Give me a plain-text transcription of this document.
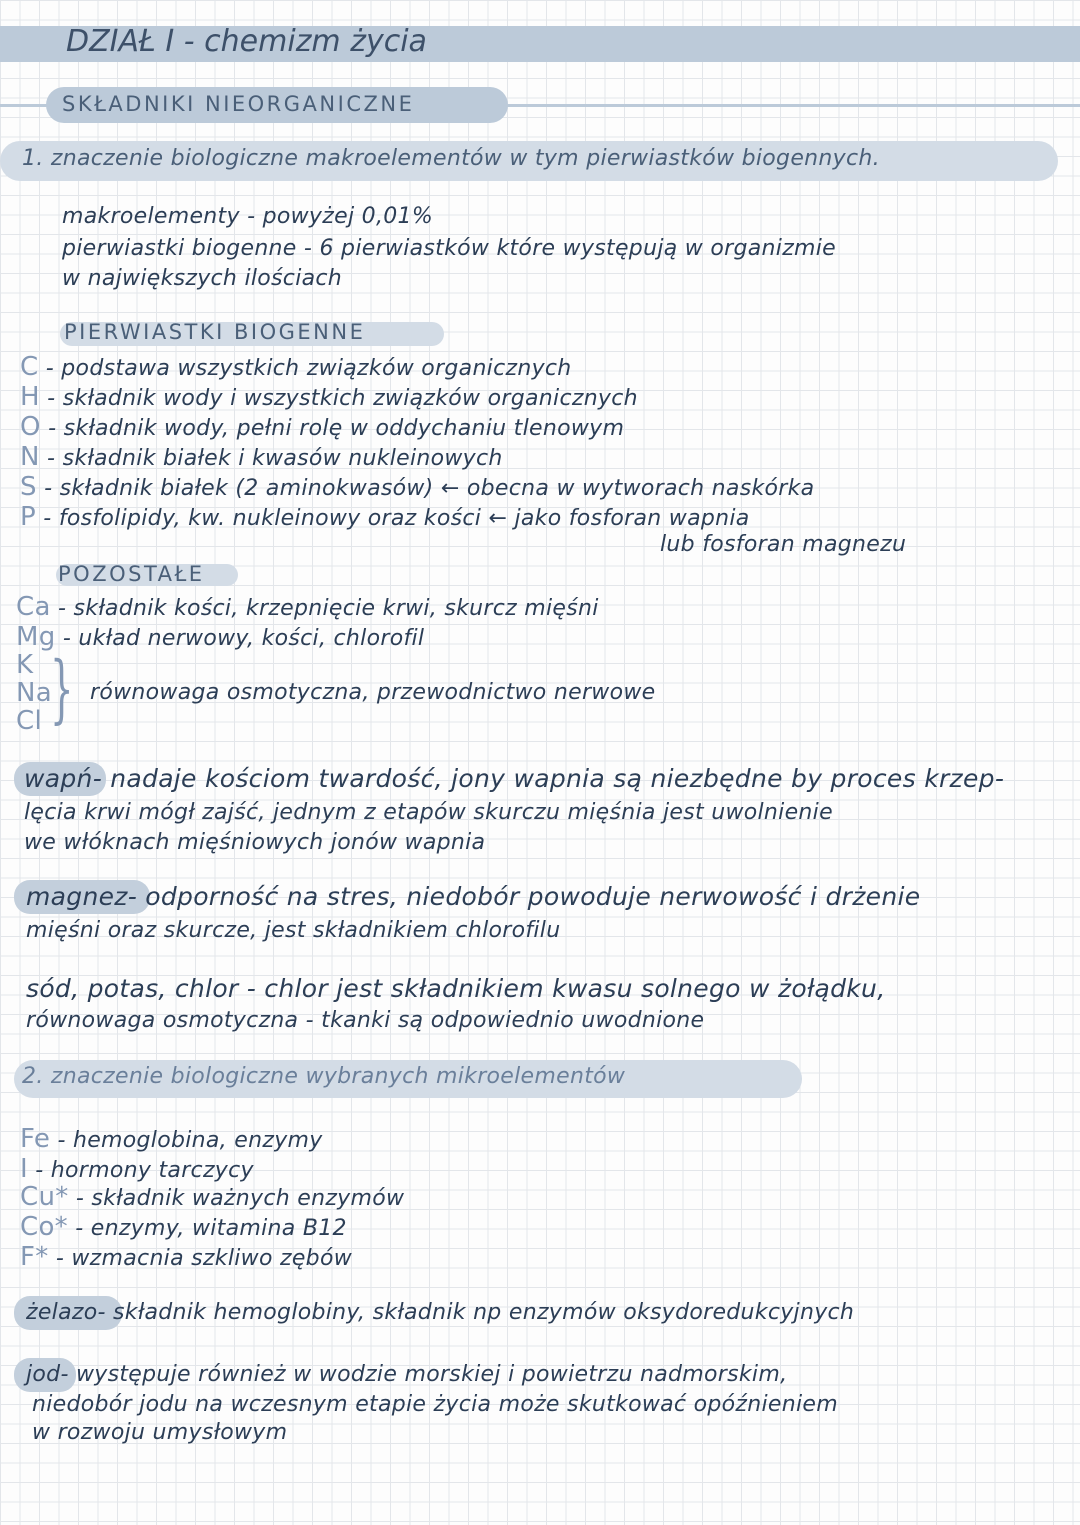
DZIAŁ I - chemizm życia
SKŁADNIKI NIEORGANICZNE
1. znaczenie biologiczne makroelementów w tym pierwiastków biogennych.
makroelementy - powyżej 0,01%
pierwiastki biogenne - 6 pierwiastków które występują w organizmie
w największych ilościach
PIERWIASTKI BIOGENNE
C - podstawa wszystkich związków organicznych
H - składnik wody i wszystkich związków organicznych
O - składnik wody, pełni rolę w oddychaniu tlenowym
N - składnik białek i kwasów nukleinowych
S - składnik białek (2 aminokwasów) ← obecna w wytworach naskórka
P - fosfolipidy, kw. nukleinowy oraz kości ← jako fosforan wapnia
lub fosforan magnezu
POZOSTAŁE
Ca - składnik kości, krzepnięcie krwi, skurcz mięśni
Mg - układ nerwowy, kości, chlorofil
K
Na
Cl } równowaga osmotyczna, przewodnictwo nerwowe
wapń- nadaje kościom twardość, jony wapnia są niezbędne by proces krzep-
lęcia krwi mógł zajść, jednym z etapów skurczu mięśnia jest uwolnienie
we włóknach mięśniowych jonów wapnia
magnez- odporność na stres, niedobór powoduje nerwowość i drżenie
mięśni oraz skurcze, jest składnikiem chlorofilu
sód, potas, chlor - chlor jest składnikiem kwasu solnego w żołądku,
równowaga osmotyczna - tkanki są odpowiednio uwodnione
2. znaczenie biologiczne wybranych mikroelementów
Fe - hemoglobina, enzymy
I - hormony tarczycy
Cu* - składnik ważnych enzymów
Co* - enzymy, witamina B12
F* - wzmacnia szkliwo zębów
żelazo- składnik hemoglobiny, składnik np enzymów oksydoredukcyjnych
jod- występuje również w wodzie morskiej i powietrzu nadmorskim,
niedobór jodu na wczesnym etapie życia może skutkować opóźnieniem
w rozwoju umysłowym
